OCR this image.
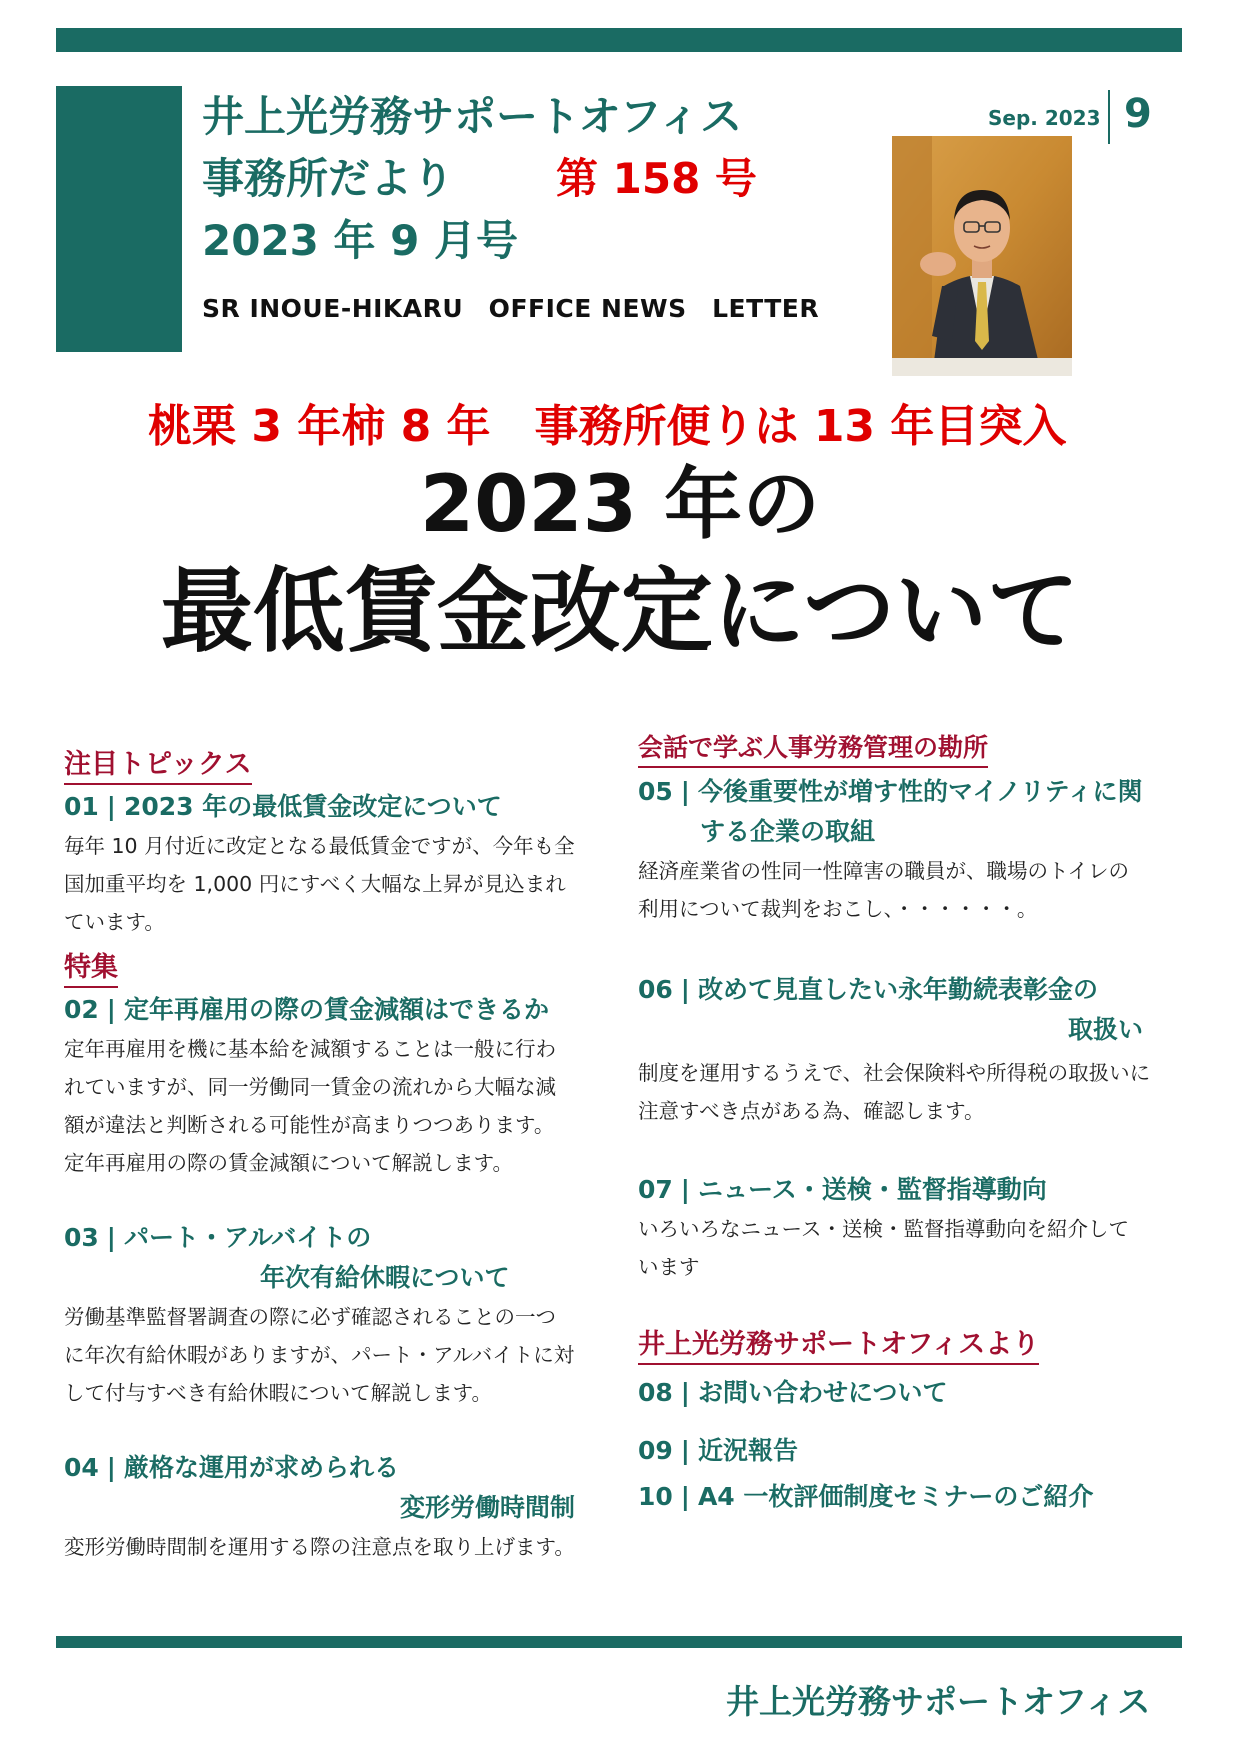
井上光労務サポートオフィス
事務所だより 第 158 号
2023 年 9 月号
SR INOUE-HIKARU　OFFICE NEWS　LETTER
Sep. 2023 9
桃栗 3 年柿 8 年　事務所便りは 13 年目突入
2023 年の
最低賃金改定について
注目トピックス
01 | 2023 年の最低賃金改定について
毎年 10 月付近に改定となる最低賃金ですが、今年も全
国加重平均を 1,000 円にすべく大幅な上昇が見込まれ
ています。
特集
02 | 定年再雇用の際の賃金減額はできるか
定年再雇用を機に基本給を減額することは一般に行わ
れていますが、同一労働同一賃金の流れから大幅な減
額が違法と判断される可能性が高まりつつあります。
定年再雇用の際の賃金減額について解説します。
03 | パート・アルバイトの
年次有給休暇について
労働基準監督署調査の際に必ず確認されることの一つ
に年次有給休暇がありますが、パート・アルバイトに対
して付与すべき有給休暇について解説します。
04 | 厳格な運用が求められる
変形労働時間制
変形労働時間制を運用する際の注意点を取り上げます。
会話で学ぶ人事労務管理の勘所
05 | 今後重要性が増す性的マイノリティに関
する企業の取組
経済産業省の性同一性障害の職員が、職場のトイレの
利用について裁判をおこし、・・・・・・。
06 | 改めて見直したい永年勤続表彰金の
取扱い
制度を運用するうえで、社会保険料や所得税の取扱いに
注意すべき点がある為、確認します。
07 | ニュース・送検・監督指導動向
いろいろなニュース・送検・監督指導動向を紹介して
います
井上光労務サポートオフィスより
08 | お問い合わせについて
09 | 近況報告
10 | A4 一枚評価制度セミナーのご紹介
井上光労務サポートオフィス
